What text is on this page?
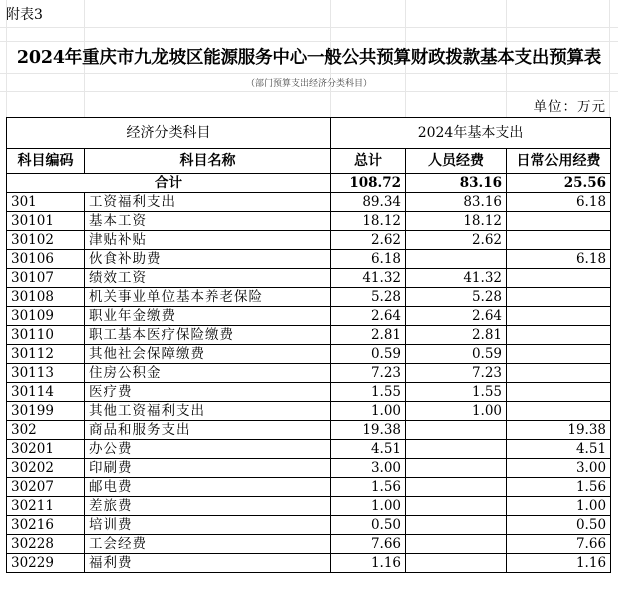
附表3
2024年重庆市九龙坡区能源服务中心一般公共预算财政拨款基本支出预算表
（部门预算支出经济分类科目）
单位：万元
经济分类科目		2024年基本支出		
科目编码	科目名称	总计	人员经费	日常公用经费
合计		108.72	83.16	25.56
301	工资福利支出	89.34	83.16	6.18
30101	基本工资	18.12	18.12	
30102	津贴补贴	2.62	2.62	
30106	伙食补助费	6.18		6.18
30107	绩效工资	41.32	41.32	
30108	机关事业单位基本养老保险	5.28	5.28	
30109	职业年金缴费	2.64	2.64	
30110	职工基本医疗保险缴费	2.81	2.81	
30112	其他社会保障缴费	0.59	0.59	
30113	住房公积金	7.23	7.23	
30114	医疗费	1.55	1.55	
30199	其他工资福利支出	1.00	1.00	
302	商品和服务支出	19.38		19.38
30201	办公费	4.51		4.51
30202	印刷费	3.00		3.00
30207	邮电费	1.56		1.56
30211	差旅费	1.00		1.00
30216	培训费	0.50		0.50
30228	工会经费	7.66		7.66
30229	福利费	1.16		1.16
